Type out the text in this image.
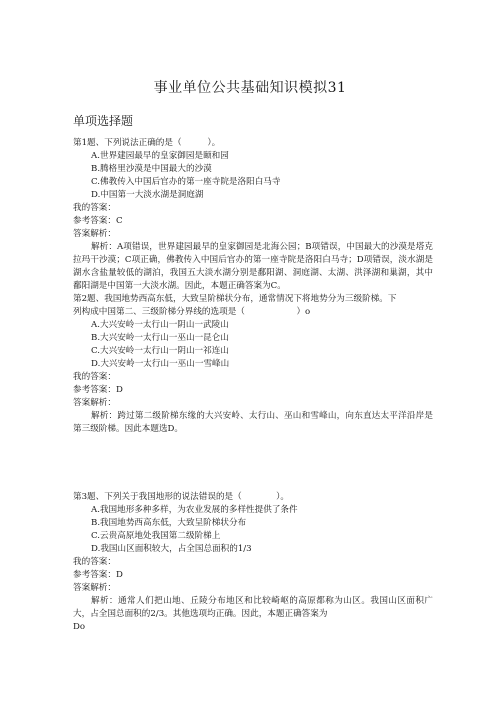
事业单位公共基础知识模拟31
单项选择题
第1题、下列说法正确的是（　　　）。
A.世界建园最早的皇家御园是颐和园
B.腾格里沙漠是中国最大的沙漠
C.佛教传入中国后官办的第一座寺院是洛阳白马寺
D.中国第一大淡水湖是洞庭湖
我的答案：
参考答案：C
答案解析：
解析：A项错误，世界建园最早的皇家御园是北海公园；B项错误，中国最大的沙漠是塔克拉玛干沙漠；C项正确，佛教传入中国后官办的第一座寺院是洛阳白马寺；D项错误，淡水湖是湖水含盐量较低的湖泊，我国五大淡水湖分别是鄱阳湖、洞庭湖、太湖、洪泽湖和巢湖，其中鄱阳湖是中国第一大淡水湖。因此，本题正确答案为C。
第2题、我国地势西高东低，大致呈阶梯状分布，通常情况下将地势分为三级阶梯。下
列构成中国第二、三级阶梯分界线的选项是（　　　　　　）o
A.大兴安岭一太行山一阴山一武陵山
B.大兴安岭一太行山一巫山一昆仑山
C.大兴安岭一太行山一阴山一祁连山
D.大兴安岭一太行山一巫山一雪峰山
我的答案：
参考答案：D
答案解析：
解析：跨过第二级阶梯东缘的大兴安岭、太行山、巫山和雪峰山，向东直达太平洋沿岸是第三级阶梯。因此本题选D。
第3题、下列关于我国地形的说法错误的是（　　　　）。
A.我国地形多种多样，为农业发展的多样性提供了条件
B.我国地势西高东低，大致呈阶梯状分布
C.云贵高原地处我国第二级阶梯上
D.我国山区面积较大，占全国总面积的1/3
我的答案：
参考答案：D
答案解析：
解析：通常人们把山地、丘陵分布地区和比较崎岖的高原都称为山区。我国山区面积广大，占全国总面积的2/3。其他选项均正确。因此，本题正确答案为
Do
